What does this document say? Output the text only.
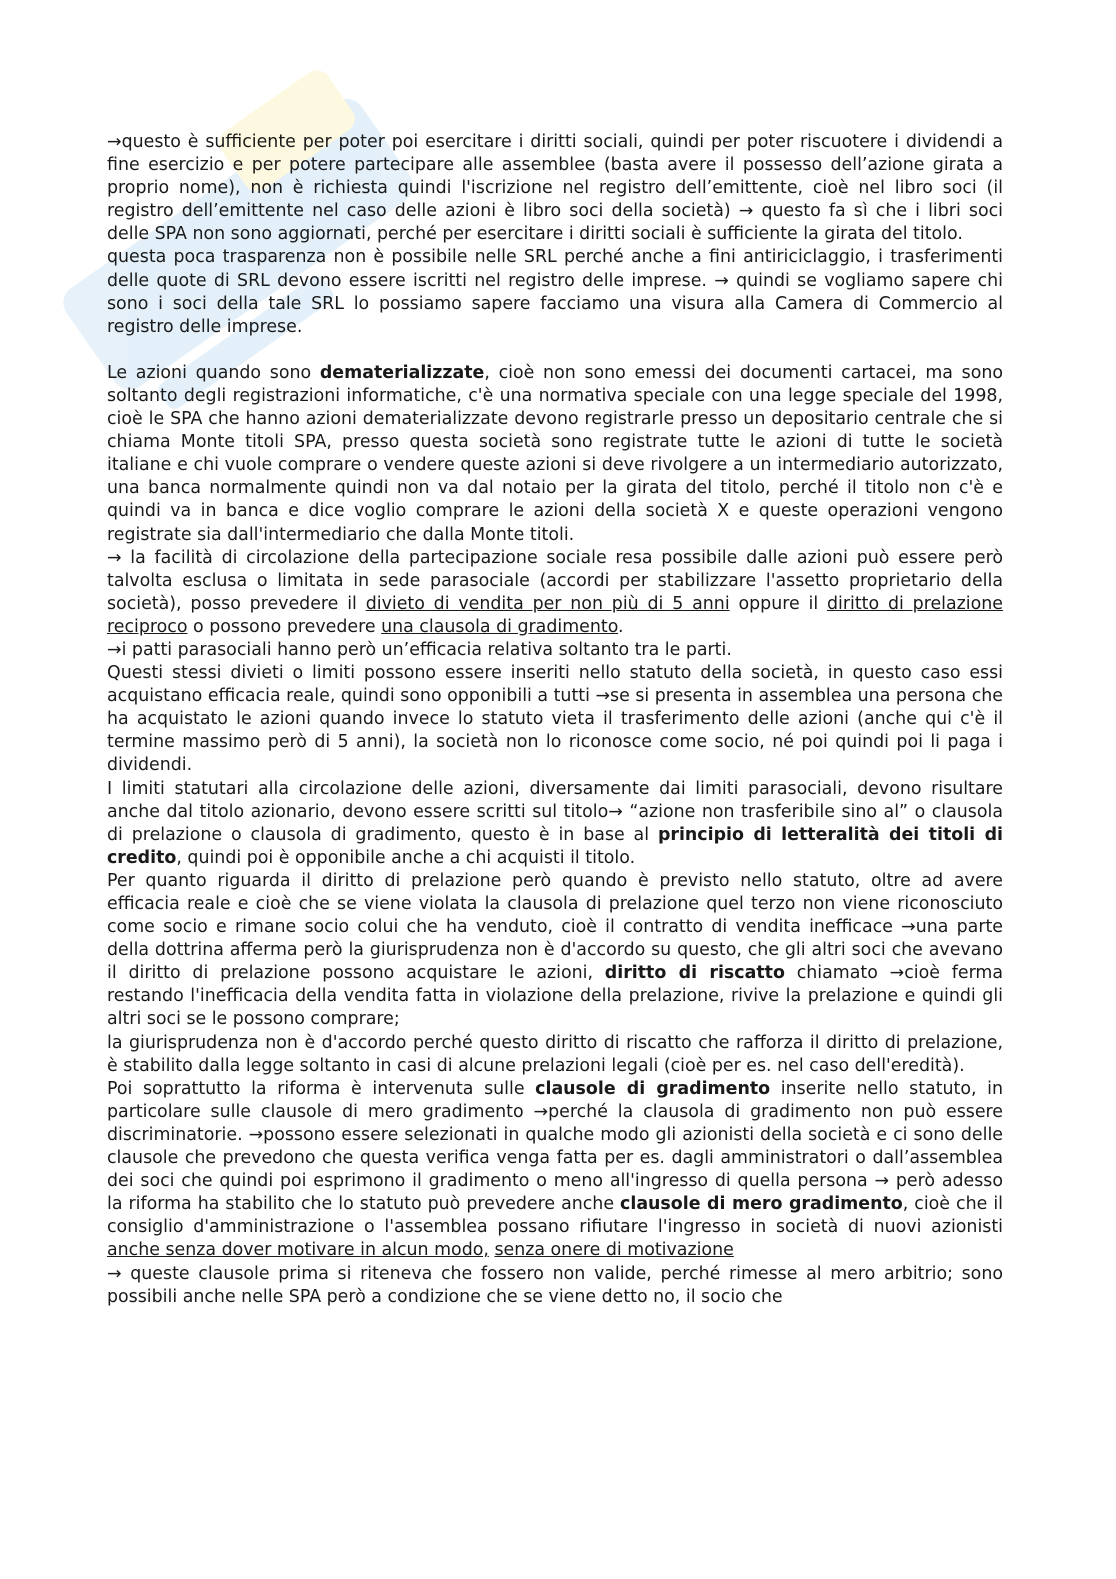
→questo è sufficiente per poter poi esercitare i diritti sociali, quindi per poter riscuotere i dividendi a fine esercizio e per potere partecipare alle assemblee (basta avere il possesso dell’azione girata a proprio nome), non è richiesta quindi l'iscrizione nel registro dell’emittente, cioè nel libro soci (il registro dell’emittente nel caso delle azioni è libro soci della società) → questo fa sì che i libri soci delle SPA non sono aggiornati, perché per esercitare i diritti sociali è sufficiente la girata del titolo.

questa poca trasparenza non è possibile nelle SRL perché anche a fini antiriciclaggio, i trasferimenti delle quote di SRL devono essere iscritti nel registro delle imprese. → quindi se vogliamo sapere chi sono i soci della tale SRL lo possiamo sapere facciamo una visura alla Camera di Commercio al registro delle imprese.

Le azioni quando sono dematerializzate, cioè non sono emessi dei documenti cartacei, ma sono soltanto degli registrazioni informatiche, c'è una normativa speciale con una legge speciale del 1998, cioè le SPA che hanno azioni dematerializzate devono registrarle presso un depositario centrale che si chiama Monte titoli SPA, presso questa società sono registrate tutte le azioni di tutte le società italiane e chi vuole comprare o vendere queste azioni si deve rivolgere a un intermediario autorizzato, una banca normalmente quindi non va dal notaio per la girata del titolo, perché il titolo non c'è e quindi va in banca e dice voglio comprare le azioni della società X e queste operazioni vengono registrate sia dall'intermediario che dalla Monte titoli.

→ la facilità di circolazione della partecipazione sociale resa possibile dalle azioni può essere però talvolta esclusa o limitata in sede parasociale (accordi per stabilizzare l'assetto proprietario della società), posso prevedere il divieto di vendita per non più di 5 anni oppure il diritto di prelazione reciproco o possono prevedere una clausola di gradimento.

→i patti parasociali hanno però un’efficacia relativa soltanto tra le parti.

Questi stessi divieti o limiti possono essere inseriti nello statuto della società, in questo caso essi acquistano efficacia reale, quindi sono opponibili a tutti →se si presenta in assemblea una persona che ha acquistato le azioni quando invece lo statuto vieta il trasferimento delle azioni (anche qui c'è il termine massimo però di 5 anni), la società non lo riconosce come socio, né poi quindi poi li paga i dividendi.

I limiti statutari alla circolazione delle azioni, diversamente dai limiti parasociali, devono risultare anche dal titolo azionario, devono essere scritti sul titolo→ “azione non trasferibile sino al” o clausola di prelazione o clausola di gradimento, questo è in base al principio di letteralità dei titoli di credito, quindi poi è opponibile anche a chi acquisti il titolo.

Per quanto riguarda il diritto di prelazione però quando è previsto nello statuto, oltre ad avere efficacia reale e cioè che se viene violata la clausola di prelazione quel terzo non viene riconosciuto come socio e rimane socio colui che ha venduto, cioè il contratto di vendita inefficace →una parte della dottrina afferma però la giurisprudenza non è d'accordo su questo, che gli altri soci che avevano il diritto di prelazione possono acquistare le azioni, diritto di riscatto chiamato →cioè ferma restando l'inefficacia della vendita fatta in violazione della prelazione, rivive la prelazione e quindi gli altri soci se le possono comprare;

la giurisprudenza non è d'accordo perché questo diritto di riscatto che rafforza il diritto di prelazione, è stabilito dalla legge soltanto in casi di alcune prelazioni legali (cioè per es. nel caso dell'eredità).

Poi soprattutto la riforma è intervenuta sulle clausole di gradimento inserite nello statuto, in particolare sulle clausole di mero gradimento →perché la clausola di gradimento non può essere discriminatorie. →possono essere selezionati in qualche modo gli azionisti della società e ci sono delle clausole che prevedono che questa verifica venga fatta per es. dagli amministratori o dall’assemblea dei soci che quindi poi esprimono il gradimento o meno all'ingresso di quella persona → però adesso la riforma ha stabilito che lo statuto può prevedere anche clausole di mero gradimento, cioè che il consiglio d'amministrazione o l'assemblea possano rifiutare l'ingresso in società di nuovi azionisti anche senza dover motivare in alcun modo, senza onere di motivazione

→ queste clausole prima si riteneva che fossero non valide, perché rimesse al mero arbitrio; sono possibili anche nelle SPA però a condizione che se viene detto no, il socio che
